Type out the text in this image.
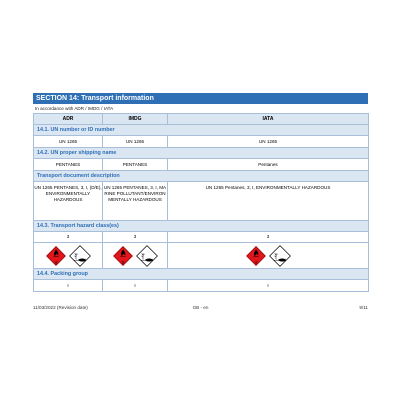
SECTION 14: Transport information
In accordance with ADR / IMDG / IATA
ADR	IMDG	IATA
14.1. UN number or ID number		
UN 1265	UN 1265	UN 1265
14.2. UN proper shipping name		
PENTANES	PENTANES	Pentanes
Transport document description		
UN 1265 PENTANES, 3, I, (D/E), ENVIRONMENTALLY HAZARDOUS	UN 1265 PENTANES, 3, I, MARINE POLLUTANT/ENVIRONMENTALLY HAZARDOUS	UN 1265 Pentanes, 3, I, ENVIRONMENTALLY HAZARDOUS
14.3. Transport hazard class(es)		
3	3	3

3	3	3

14.4. Packing group		
I	I	I
11/03/2022 (Revision date)	GB - en	9/11
